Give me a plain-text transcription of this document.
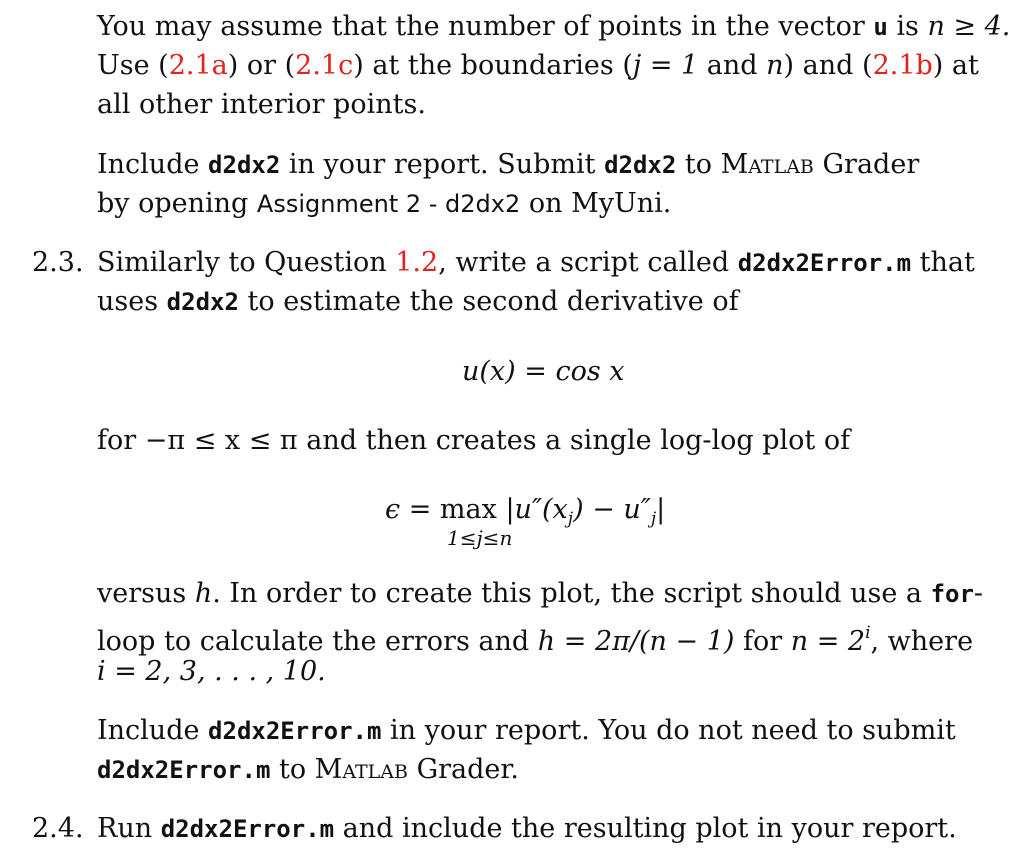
You may assume that the number of points in the vector u is n ≥ 4.
Use (2.1a) or (2.1c) at the boundaries (j = 1 and n) and (2.1b) at
all other interior points.
Include d2dx2 in your report. Submit d2dx2 to Matlab Grader
by opening Assignment 2 - d2dx2 on MyUni.
2.3. Similarly to Question 1.2, write a script called d2dx2Error.m that
uses d2dx2 to estimate the second derivative of
u(x) = cos x
for −π ≤ x ≤ π and then creates a single log-log plot of
$\epsilon = \max |u''(x_j) - u''_j|$
1≤j≤n
versus h. In order to create this plot, the script should use a for-
loop to calculate the errors and h = 2π/(n − 1) for $n = 2^i$, where
i = 2, 3, . . . , 10.
Include d2dx2Error.m in your report. You do not need to submit
d2dx2Error.m to Matlab Grader.
2.4. Run d2dx2Error.m and include the resulting plot in your report.
